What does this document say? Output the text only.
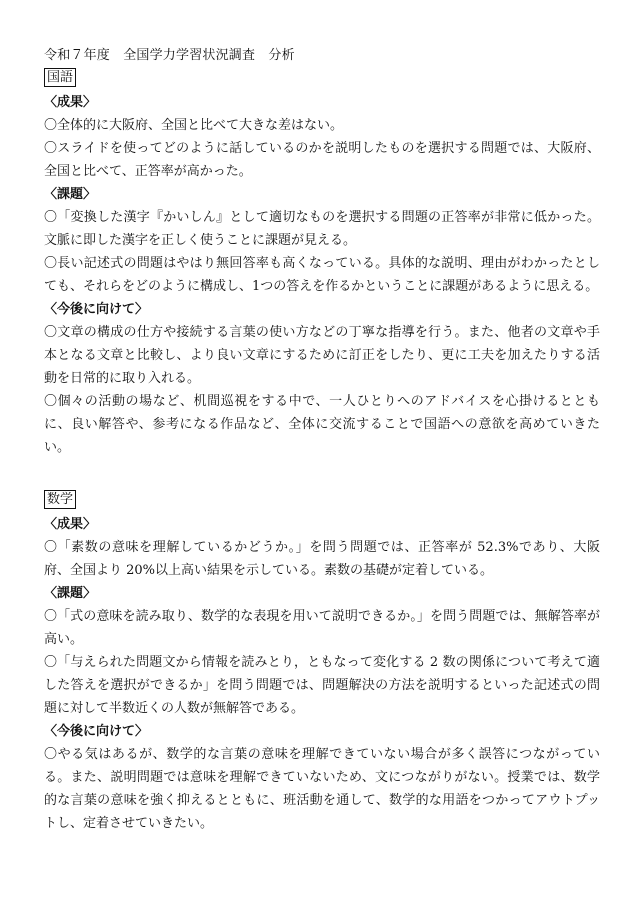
令和７年度　全国学力学習状況調査　分析
国語
〈成果〉

〇全体的に大阪府、全国と比べて大きな差はない。

〇スライドを使ってどのように話しているのかを説明したものを選択する問題では、大阪府、全国と比べて、正答率が高かった。

〈課題〉

〇「変換した漢字『かいしん』として適切なものを選択する問題の正答率が非常に低かった。文脈に即した漢字を正しく使うことに課題が見える。

〇長い記述式の問題はやはり無回答率も高くなっている。具体的な説明、理由がわかったとしても、それらをどのように構成し、1つの答えを作るかということに課題があるように思える。

〈今後に向けて〉

〇文章の構成の仕方や接続する言葉の使い方などの丁寧な指導を行う。また、他者の文章や手本となる文章と比較し、より良い文章にするために訂正をしたり、更に工夫を加えたりする活動を日常的に取り入れる。

〇個々の活動の場など、机間巡視をする中で、一人ひとりへのアドバイスを心掛けるとともに、良い解答や、参考になる作品など、全体に交流することで国語への意欲を高めていきたい。

数学
〈成果〉

〇「素数の意味を理解しているかどうか。」を問う問題では、正答率が 52.3%であり、大阪府、全国より 20%以上高い結果を示している。素数の基礎が定着している。

〈課題〉

〇「式の意味を読み取り、数学的な表現を用いて説明できるか。」を問う問題では、無解答率が高い。

〇「与えられた問題文から情報を読みとり，ともなって変化する 2 数の関係について考えて適した答えを選択ができるか」を問う問題では、問題解決の方法を説明するといった記述式の問題に対して半数近くの人数が無解答である。

〈今後に向けて〉

〇やる気はあるが、数学的な言葉の意味を理解できていない場合が多く誤答につながっている。また、説明問題では意味を理解できていないため、文につながりがない。授業では、数学的な言葉の意味を強く抑えるとともに、班活動を通して、数学的な用語をつかってアウトプットし、定着させていきたい。
